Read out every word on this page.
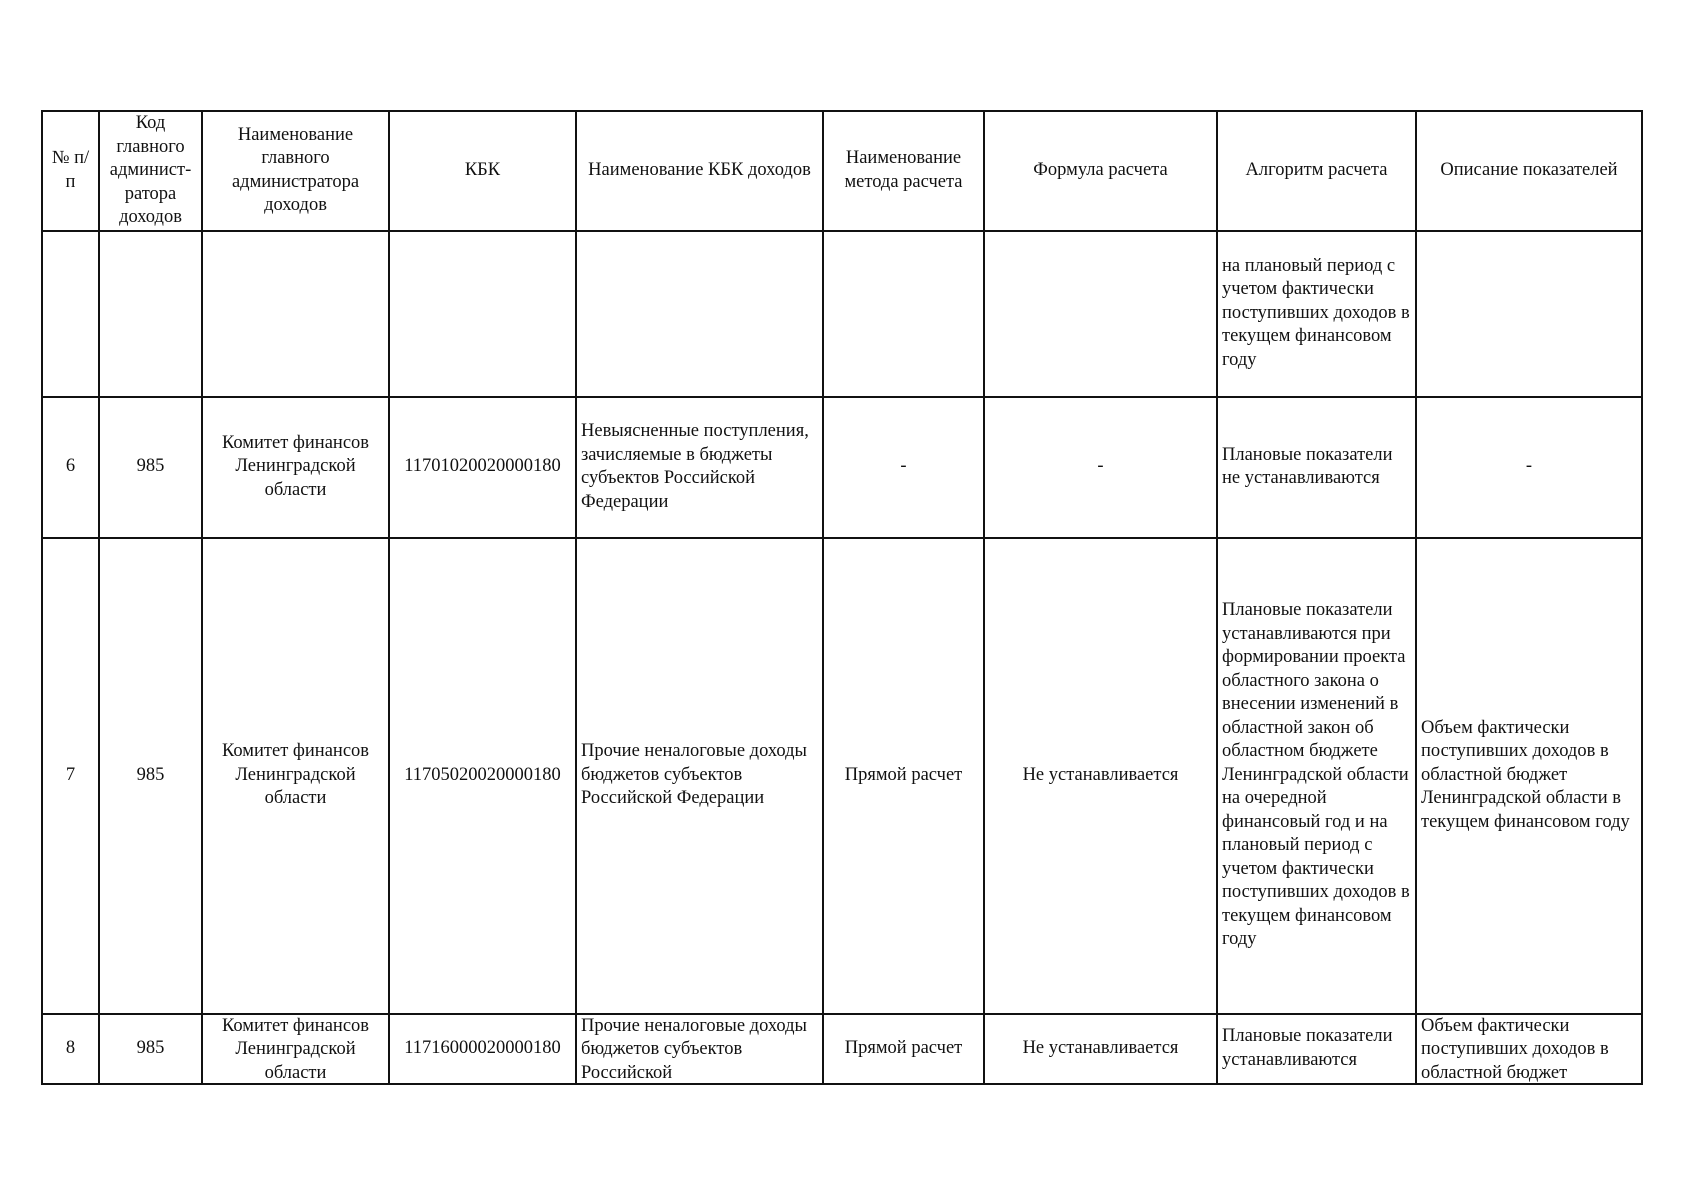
№ п/п	Код главного админист-ратора доходов	Наименование главного администратора доходов	КБК	Наименование КБК доходов	Наименование метода расчета	Формула расчета	Алгоритм расчета	Описание показателей
							на плановый период с учетом фактически поступивших доходов в текущем финансовом году	
6	985	Комитет финансов Ленинградской области	11701020020000180	Невыясненные поступления, зачисляемые в бюджеты субъектов Российской Федерации	-	-	Плановые показатели не устанавливаются	-
7	985	Комитет финансов Ленинградской области	11705020020000180	Прочие неналоговые доходы бюджетов субъектов Российской Федерации	Прямой расчет	Не устанавливается	Плановые показатели устанавливаются при формировании проекта областного закона о внесении изменений в областной закон об областном бюджете Ленинградской области на очередной финансовый год и на плановый период с учетом фактически поступивших доходов в текущем финансовом году	Объем фактически поступивших доходов в областной бюджет Ленинградской области в текущем финансовом году

8	985	Комитет финансов Ленинградской области	11716000020000180	Прочие неналоговые доходы бюджетов субъектов Российской	Прямой расчет	Не устанавливается	Плановые показатели устанавливаются	Объем фактически поступивших доходов в областной бюджет
